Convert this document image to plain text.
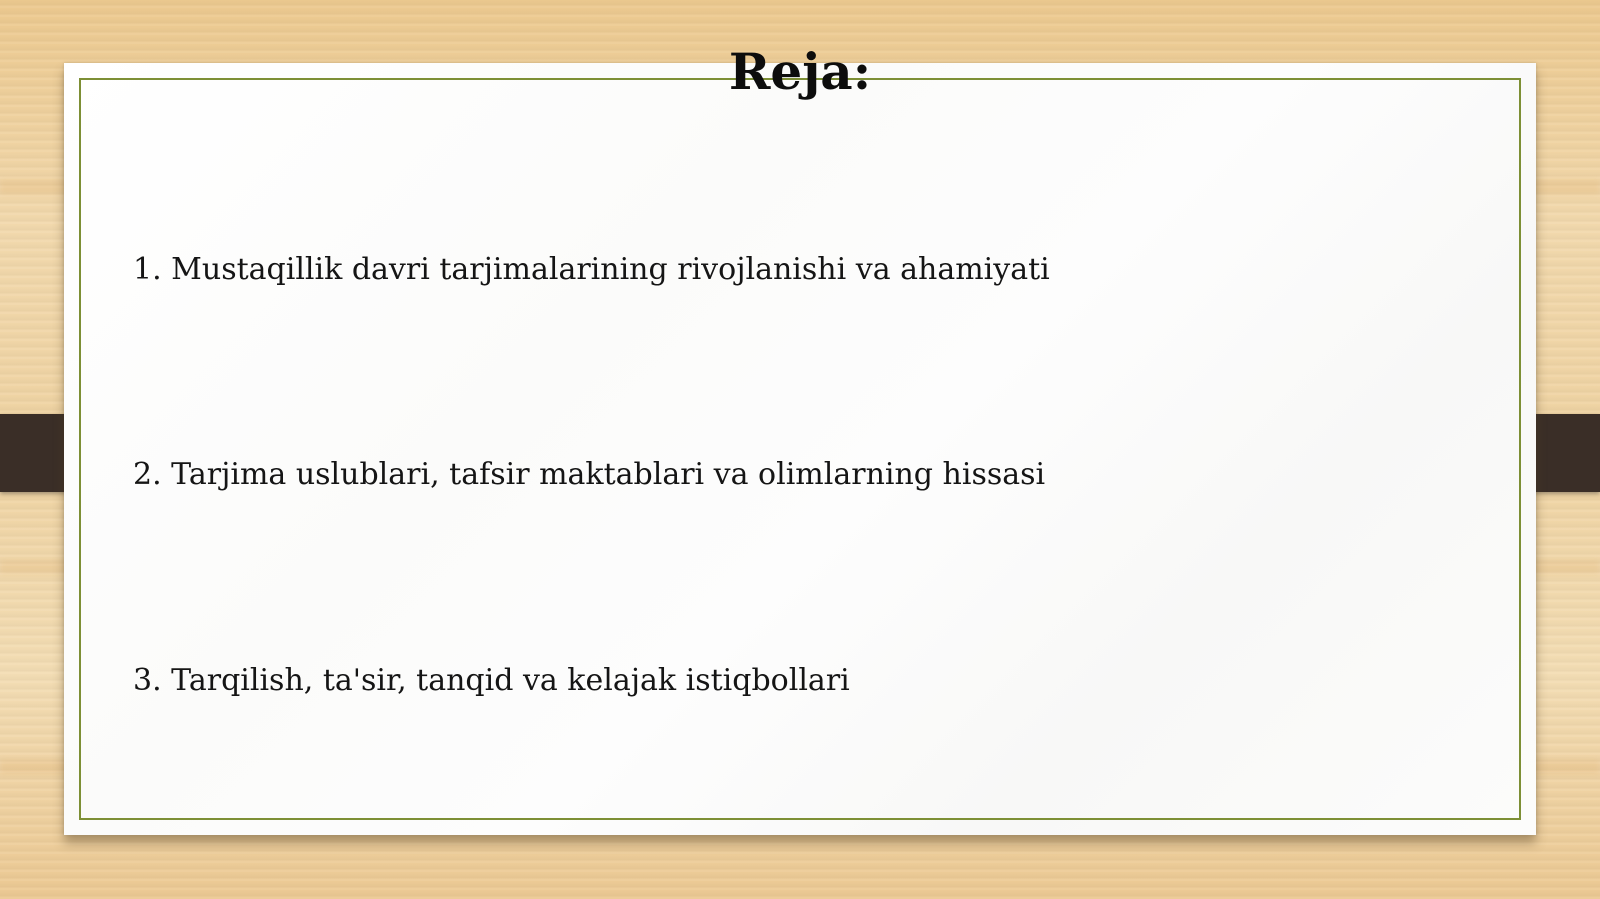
Reja:
1. Mustaqillik davri tarjimalarining rivojlanishi va ahamiyati
2. Tarjima uslublari, tafsir maktablari va olimlarning hissasi
3. Tarqilish, ta'sir, tanqid va kelajak istiqbollari
